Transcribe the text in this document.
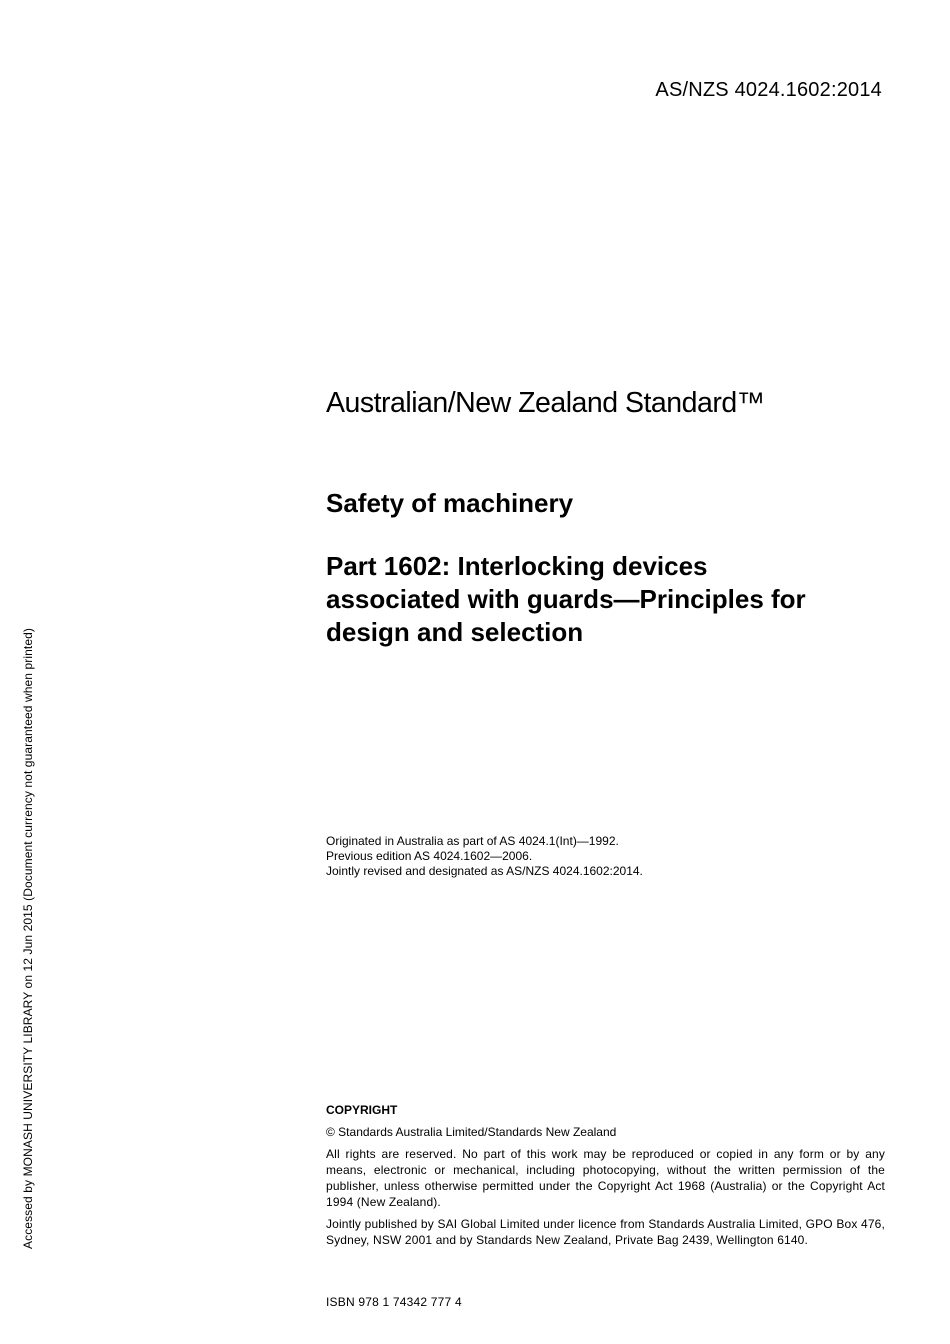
AS/NZS 4024.1602:2014
Australian/New Zealand Standard™
Safety of machinery
Part 1602: Interlocking devices
associated with guards—Principles for
design and selection
Originated in Australia as part of AS 4024.1(Int)—1992.
Previous edition AS 4024.1602—2006.
Jointly revised and designated as AS/NZS 4024.1602:2014.
COPYRIGHT
© Standards Australia Limited/Standards New Zealand
All rights are reserved. No part of this work may be reproduced or copied in any form or by any means, electronic or mechanical, including photocopying, without the written permission of the publisher, unless otherwise permitted under the Copyright Act 1968 (Australia) or the Copyright Act 1994 (New Zealand).
Jointly published by SAI Global Limited under licence from Standards Australia Limited, GPO Box 476, Sydney, NSW 2001 and by Standards New Zealand, Private Bag 2439, Wellington 6140.
ISBN 978 1 74342 777 4
Accessed by MONASH UNIVERSITY LIBRARY on 12 Jun 2015 (Document currency not guaranteed when printed)
